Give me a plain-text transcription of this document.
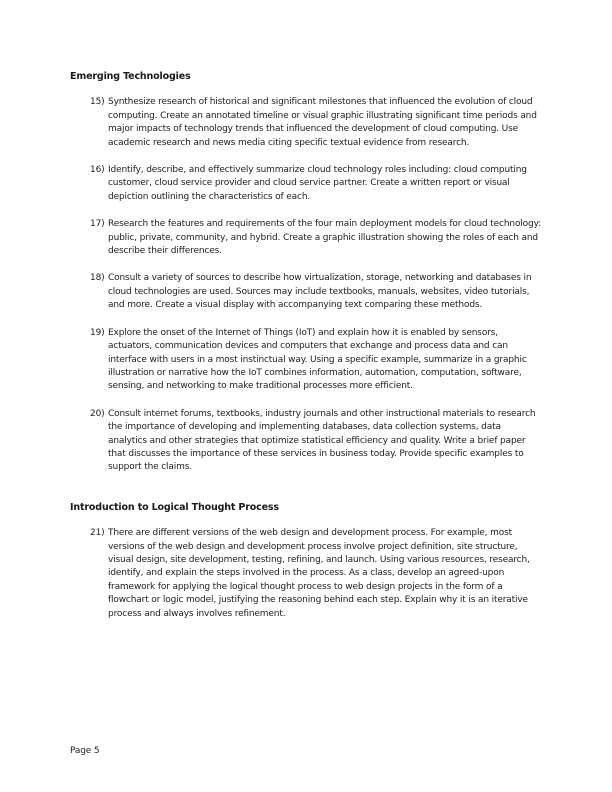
Emerging Technologies
15) Synthesize research of historical and significant milestones that influenced the evolution of cloud computing. Create an annotated timeline or visual graphic illustrating significant time periods and major impacts of technology trends that influenced the development of cloud computing. Use academic research and news media citing specific textual evidence from research.
16) Identify, describe, and effectively summarize cloud technology roles including: cloud computing customer, cloud service provider and cloud service partner. Create a written report or visual depiction outlining the characteristics of each.
17) Research the features and requirements of the four main deployment models for cloud technology: public, private, community, and hybrid. Create a graphic illustration showing the roles of each and describe their differences.
18) Consult a variety of sources to describe how virtualization, storage, networking and databases in cloud technologies are used. Sources may include textbooks, manuals, websites, video tutorials, and more. Create a visual display with accompanying text comparing these methods.
19) Explore the onset of the Internet of Things (IoT) and explain how it is enabled by sensors, actuators, communication devices and computers that exchange and process data and can interface with users in a most instinctual way. Using a specific example, summarize in a graphic illustration or narrative how the IoT combines information, automation, computation, software, sensing, and networking to make traditional processes more efficient.
20) Consult internet forums, textbooks, industry journals and other instructional materials to research the importance of developing and implementing databases, data collection systems, data analytics and other strategies that optimize statistical efficiency and quality. Write a brief paper that discusses the importance of these services in business today. Provide specific examples to support the claims.
Introduction to Logical Thought Process
21) There are different versions of the web design and development process. For example, most versions of the web design and development process involve project definition, site structure, visual design, site development, testing, refining, and launch. Using various resources, research, identify, and explain the steps involved in the process. As a class, develop an agreed-upon framework for applying the logical thought process to web design projects in the form of a flowchart or logic model, justifying the reasoning behind each step. Explain why it is an iterative process and always involves refinement.
Page 5
